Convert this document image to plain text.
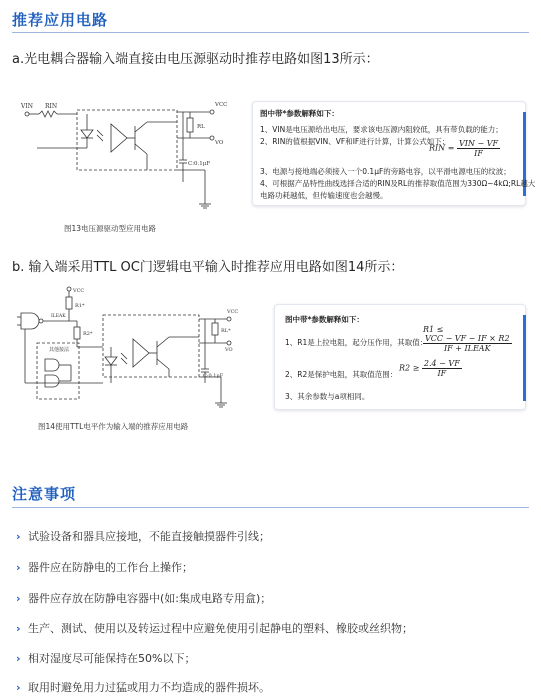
推荐应用电路
a.光电耦合器输入端直接由电压源驱动时推荐电路如图13所示：
VIN RIN	VCC
RL
VO
C:0.1μF
图13电压源驱动型应用电路
图中带*参数解释如下：
1、VIN是电压源给出电压，要求该电压源内阻较低，具有带负载的能力；
2、RIN的值根据VIN、VF和IF进行计算，计算公式如下：
RIN = $\frac{\text{VIN − VF}}{IF}$
3、电源与接地端必须接入一个0.1μF的旁路电容，以平滑电源电压的纹波；
4、可根据产品特性曲线选择合适的RIN及RL的推荐取值范围为330Ω~4kΩ;RL越大
电路功耗越低，但传输速度也会越慢。
b. 输入端采用TTL OC门逻辑电平输入时推荐应用电路如图14所示：
VCC
ILEAK
R1*
R2*
其他接法
VCC
RL*
VO
C:0.1μF
图14使用TTL电平作为输入端的推荐应用电路
图中带*参数解释如下：
1、R1是上拉电阻，起分压作用，其取值：
R1 ≤
$\frac{\text{VCC − VF − IF × R2}}{\text{IF + ILEAK}}$
2、R2是保护电阻，其取值范围：
$R2 \ge \frac{2.4 - VF}{IF}$
3、其余参数与a项相同。
注意事项
› 试验设备和器具应接地，不能直接触摸器件引线；
› 器件应在防静电的工作台上操作；
› 器件应存放在防静电容器中(如:集成电路专用盒)；
› 生产、测试、使用以及转运过程中应避免使用引起静电的塑料、橡胶或丝织物；
› 相对湿度尽可能保持在50%以下；
› 取用时避免用力过猛或用力不均造成的器件损坏。
